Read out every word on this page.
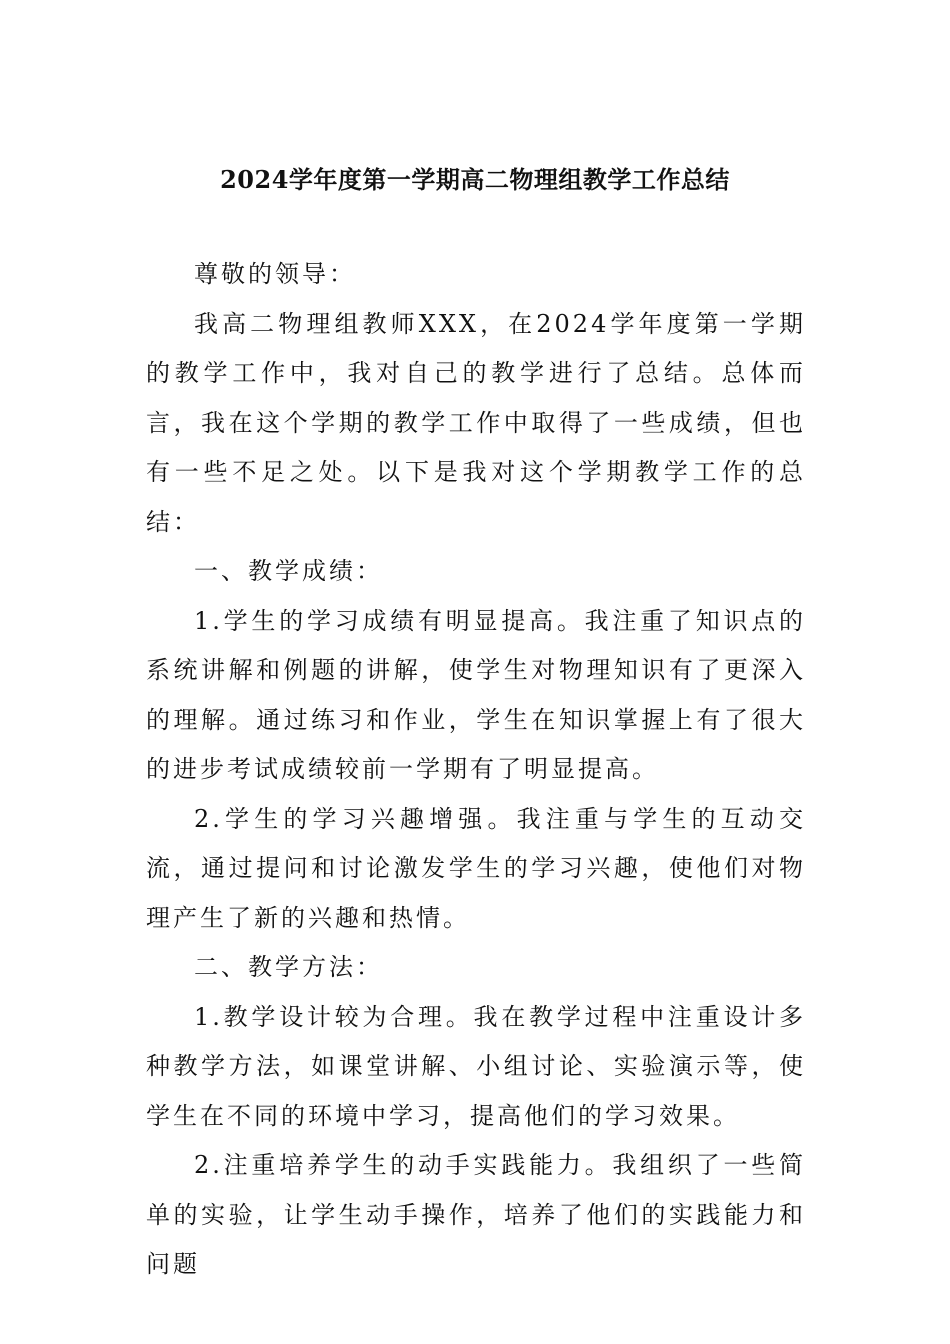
2024学年度第一学期高二物理组教学工作总结

尊敬的领导：

我高二物理组教师XXX，在2024学年度第一学期的教学工作中，我对自己的教学进行了总结。总体而言，我在这个学期的教学工作中取得了一些成绩，但也有一些不足之处。以下是我对这个学期教学工作的总结：

一、教学成绩：

1.学生的学习成绩有明显提高。我注重了知识点的系统讲解和例题的讲解，使学生对物理知识有了更深入的理解。通过练习和作业，学生在知识掌握上有了很大的进步考试成绩较前一学期有了明显提高。

2.学生的学习兴趣增强。我注重与学生的互动交流，通过提问和讨论激发学生的学习兴趣，使他们对物理产生了新的兴趣和热情。

二、教学方法：

1.教学设计较为合理。我在教学过程中注重设计多种教学方法，如课堂讲解、小组讨论、实验演示等，使学生在不同的环境中学习，提高他们的学习效果。

2.注重培养学生的动手实践能力。我组织了一些简单的实验，让学生动手操作，培养了他们的实践能力和问题
